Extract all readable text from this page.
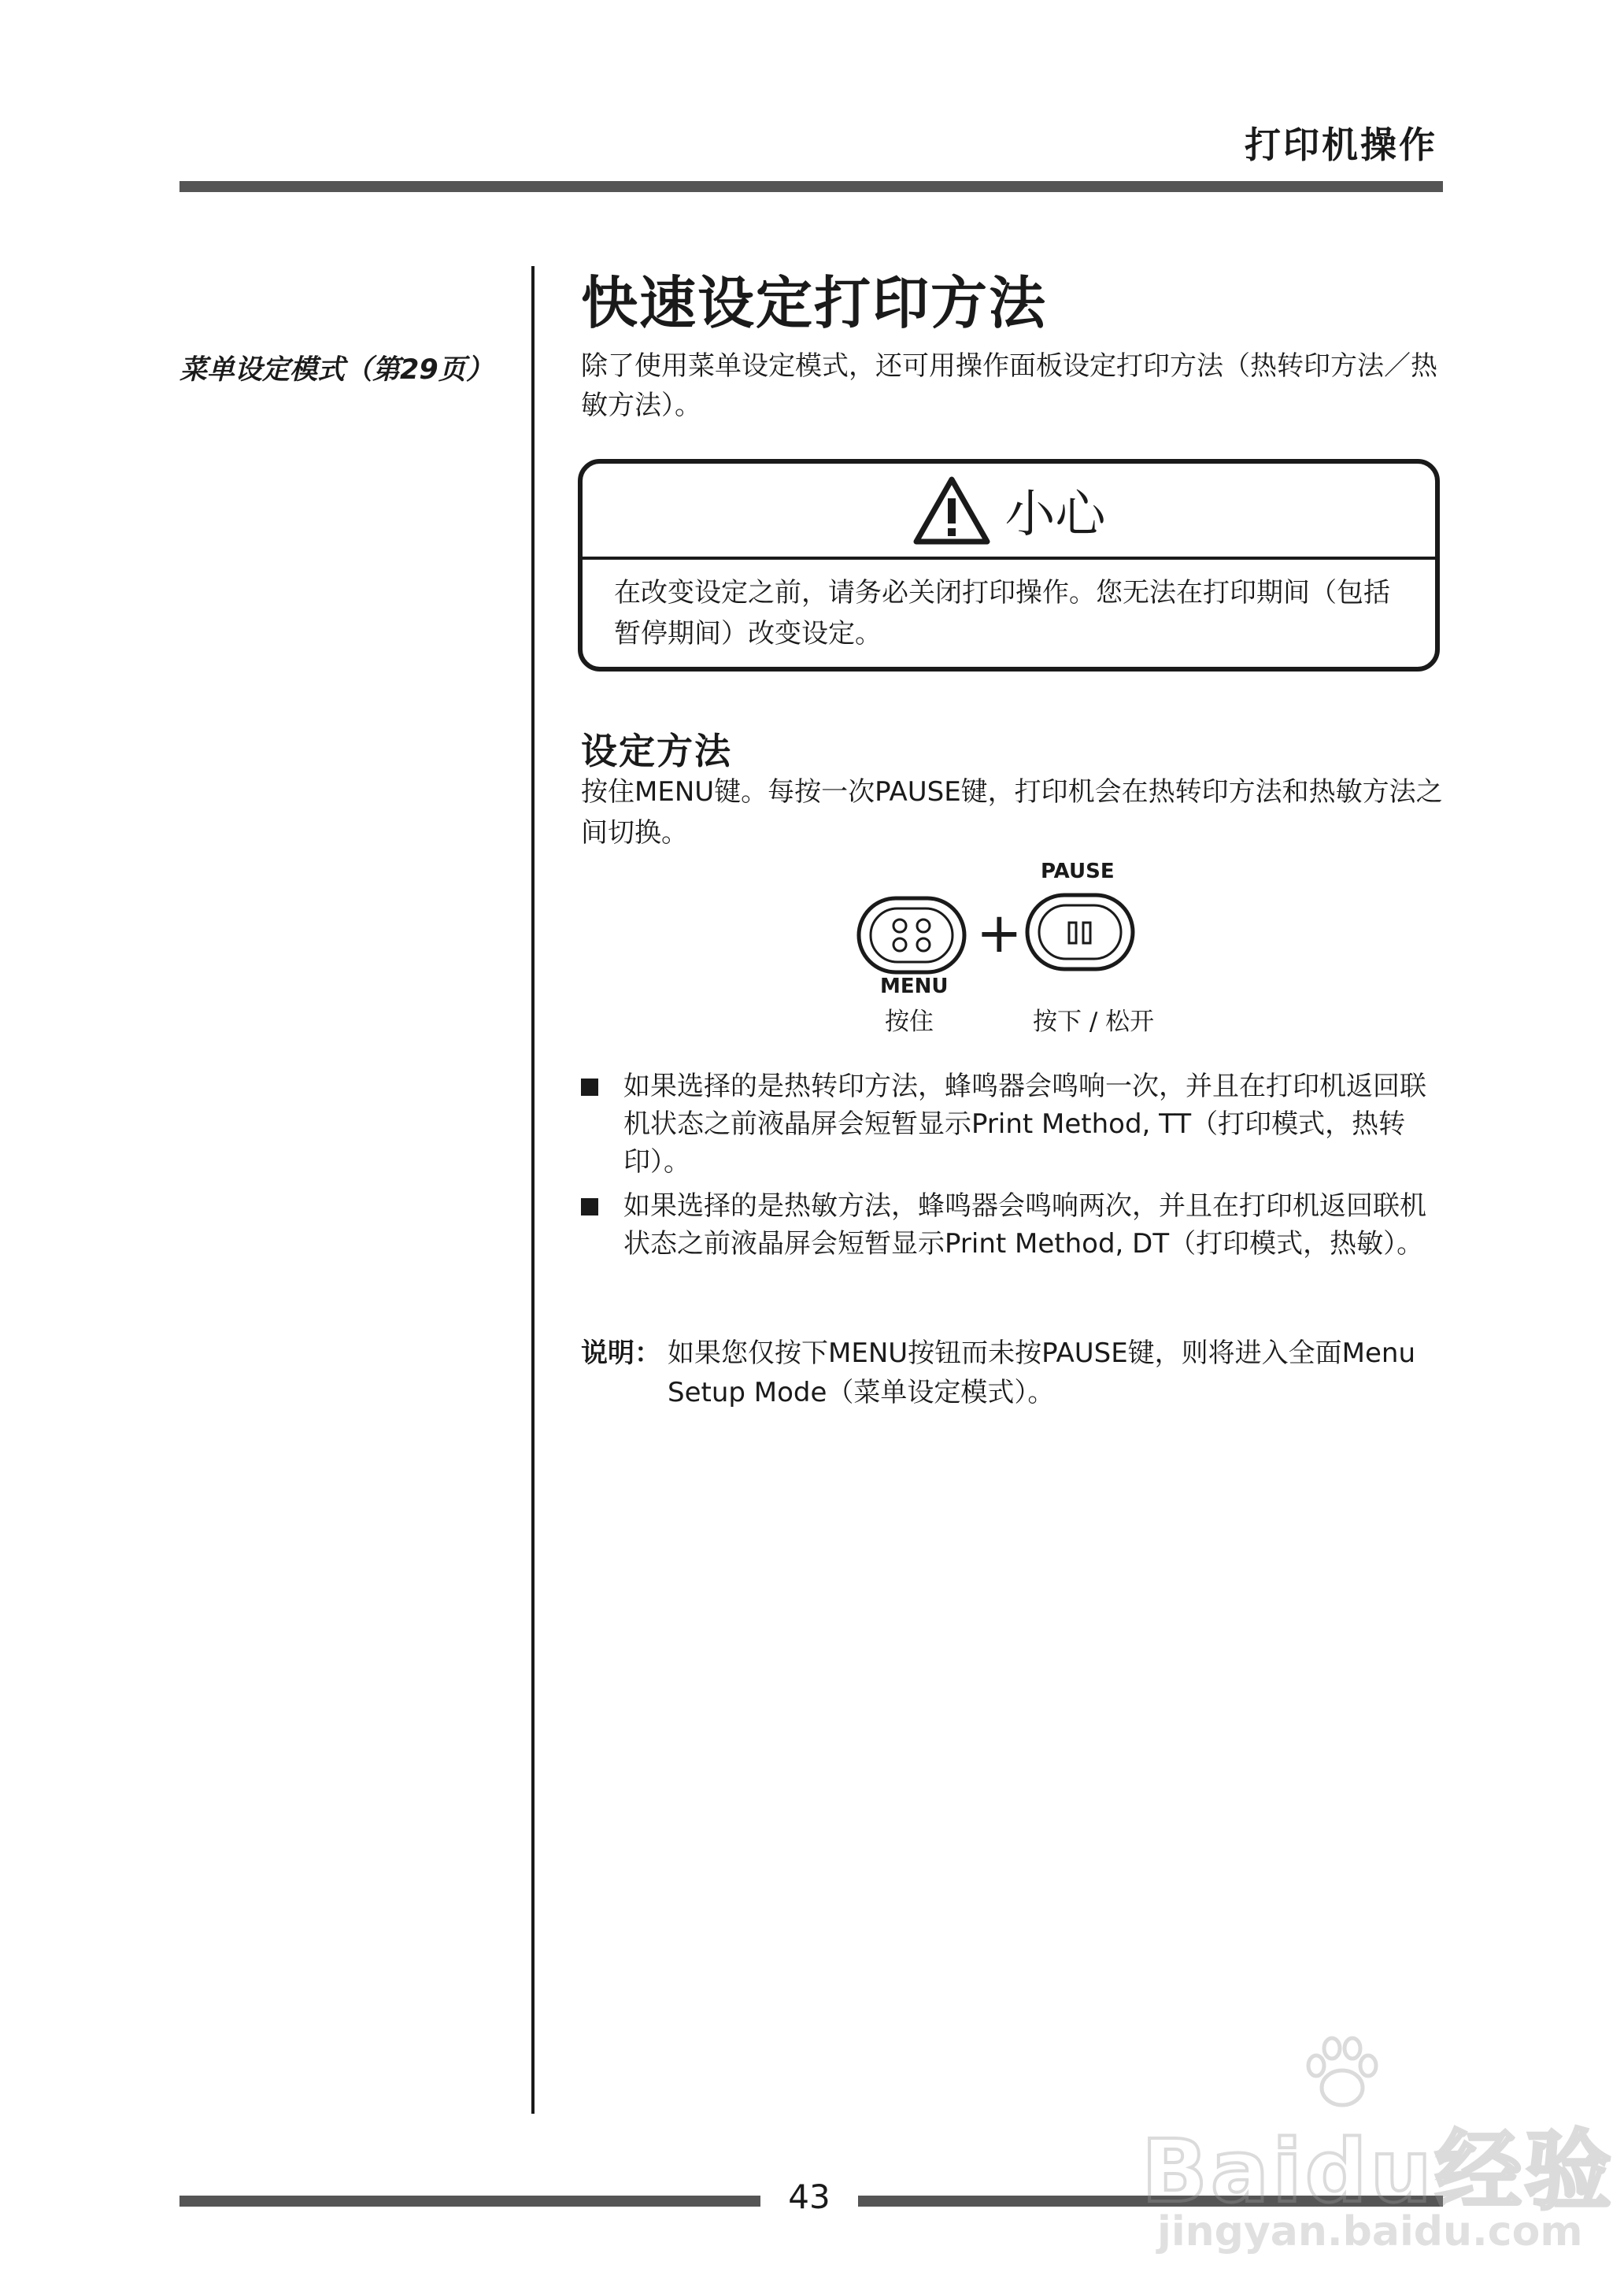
打印机操作
菜单设定模式（第29页）
快速设定打印方法
除了使用菜单设定模式，还可用操作面板设定打印方法（热转印方法／热敏方法）。
小心
在改变设定之前，请务必关闭打印操作。您无法在打印期间（包括暂停期间）改变设定。
设定方法
按住MENU键。每按一次PAUSE键，打印机会在热转印方法和热敏方法之间切换。
MENU
+
PAUSE
按住	按下 / 松开
如果选择的是热转印方法，蜂鸣器会鸣响一次，并且在打印机返回联机状态之前液晶屏会短暂显示Print Method, TT（打印模式，热转印）。
如果选择的是热敏方法，蜂鸣器会鸣响两次，并且在打印机返回联机状态之前液晶屏会短暂显示Print Method, DT（打印模式，热敏）。
说明： 如果您仅按下MENU按钮而未按PAUSE键，则将进入全面Menu Setup Mode（菜单设定模式）。
43	Baidu经验
jingyan.baidu.com
